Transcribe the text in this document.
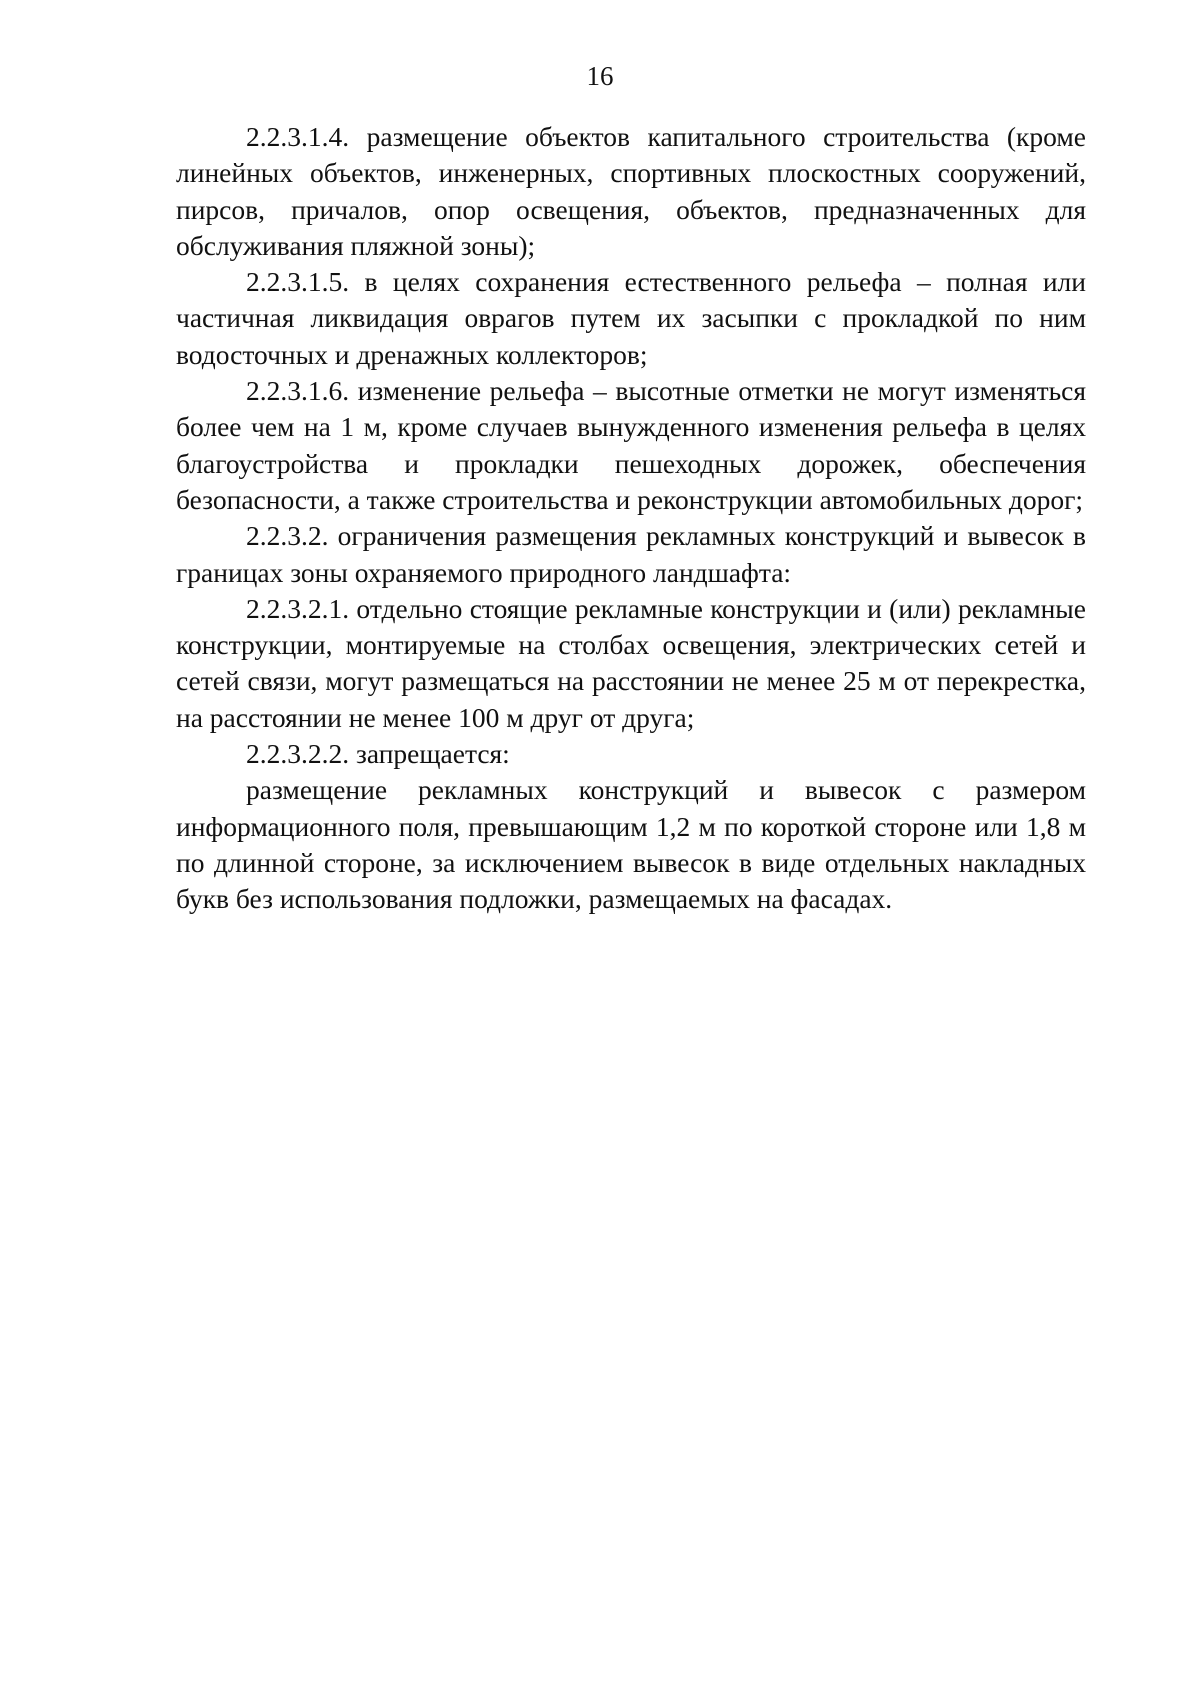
16

2.2.3.1.4. размещение объектов капитального строительства (кроме линейных объектов, инженерных, спортивных плоскостных сооружений, пирсов, причалов, опор освещения, объектов, предназначенных для обслуживания пляжной зоны);

2.2.3.1.5. в целях сохранения естественного рельефа – полная или частичная ликвидация оврагов путем их засыпки с прокладкой по ним водосточных и дренажных коллекторов;

2.2.3.1.6. изменение рельефа – высотные отметки не могут изменяться более чем на 1 м, кроме случаев вынужденного изменения рельефа в целях благоустройства и прокладки пешеходных дорожек, обеспечения безопасности, а также строительства и реконструкции автомобильных дорог;

2.2.3.2. ограничения размещения рекламных конструкций и вывесок в границах зоны охраняемого природного ландшафта:

2.2.3.2.1. отдельно стоящие рекламные конструкции и (или) рекламные конструкции, монтируемые на столбах освещения, электрических сетей и сетей связи, могут размещаться на расстоянии не менее 25 м от перекрестка, на расстоянии не менее 100 м друг от друга;

2.2.3.2.2. запрещается:

размещение рекламных конструкций и вывесок с размером информационного поля, превышающим 1,2 м по короткой стороне или 1,8 м по длинной стороне, за исключением вывесок в виде отдельных накладных букв без использования подложки, размещаемых на фасадах.
